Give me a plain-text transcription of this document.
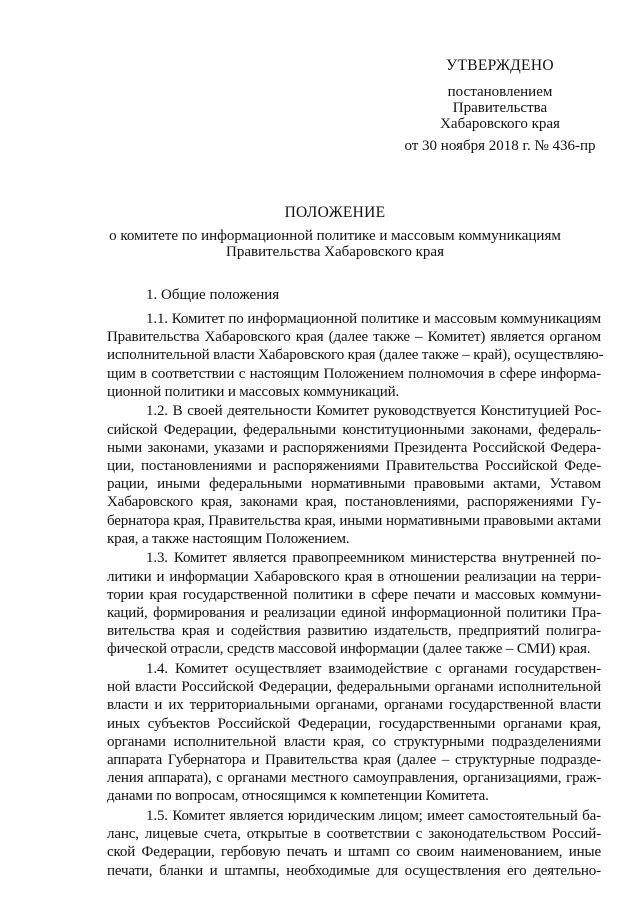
УТВЕРЖДЕНО
постановлением
Правительства
Хабаровского края
от 30 ноября 2018 г. № 436-пр
ПОЛОЖЕНИЕ
о комитете по информационной политике и массовым коммуникациям
Правительства Хабаровского края
1. Общие положения
1.1. Комитет по информационной политике и массовым коммуникациям
Правительства Хабаровского края (далее также – Комитет) является органом
исполнительной власти Хабаровского края (далее также – край), осуществляю-
щим в соответствии с настоящим Положением полномочия в сфере информа-
ционной политики и массовых коммуникаций.
1.2. В своей деятельности Комитет руководствуется Конституцией Рос-
сийской Федерации, федеральными конституционными законами, федераль-
ными законами, указами и распоряжениями Президента Российской Федера-
ции, постановлениями и распоряжениями Правительства Российской Феде-
рации, иными федеральными нормативными правовыми актами, Уставом
Хабаровского края, законами края, постановлениями, распоряжениями Гу-
бернатора края, Правительства края, иными нормативными правовыми актами
края, а также настоящим Положением.
1.3. Комитет является правопреемником министерства внутренней по-
литики и информации Хабаровского края в отношении реализации на терри-
тории края государственной политики в сфере печати и массовых коммуни-
каций, формирования и реализации единой информационной политики Пра-
вительства края и содействия развитию издательств, предприятий полигра-
фической отрасли, средств массовой информации (далее также – СМИ) края.
1.4. Комитет осуществляет взаимодействие с органами государствен-
ной власти Российской Федерации, федеральными органами исполнительной
власти и их территориальными органами, органами государственной власти
иных субъектов Российской Федерации, государственными органами края,
органами исполнительной власти края, со структурными подразделениями
аппарата Губернатора и Правительства края (далее – структурные подразде-
ления аппарата), с органами местного самоуправления, организациями, граж-
данами по вопросам, относящимся к компетенции Комитета.
1.5. Комитет является юридическим лицом; имеет самостоятельный ба-
ланс, лицевые счета, открытые в соответствии с законодательством Россий-
ской Федерации, гербовую печать и штамп со своим наименованием, иные
печати, бланки и штампы, необходимые для осуществления его деятельно-
